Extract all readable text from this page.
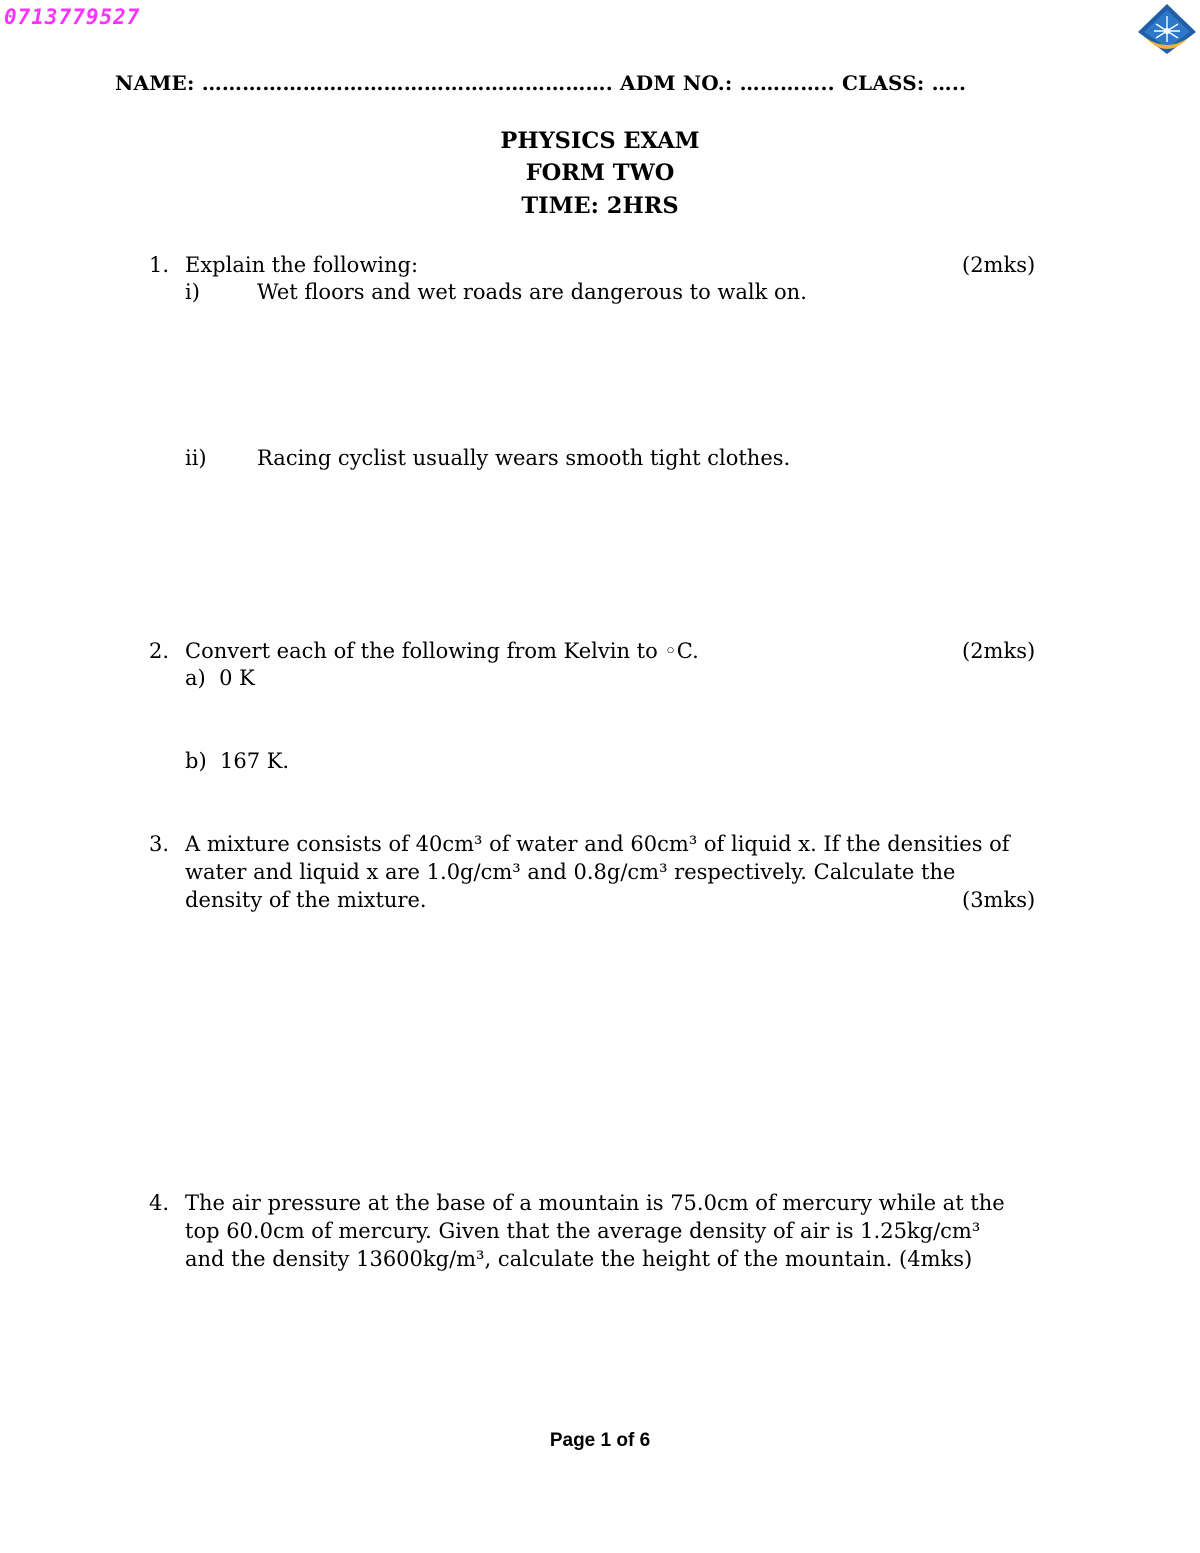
0713779527
NAME: ……………………………………………………. ADM NO.: ………….. CLASS: …..
PHYSICS EXAM
FORM TWO
TIME: 2HRS
1. Explain the following:	(2mks)
i)	Wet floors and wet roads are dangerous to walk on.
ii) Racing cyclist usually wears smooth tight clothes.
2. Convert each of the following from Kelvin to ◦C.	(2mks)
a)  0 K
b)  167 K.
3. A mixture consists of 40cm³ of water and 60cm³ of liquid x. If the densities of
water and liquid x are 1.0g/cm³ and 0.8g/cm³ respectively. Calculate the
density of the mixture.	(3mks)
4. The air pressure at the base of a mountain is 75.0cm of mercury while at the
top 60.0cm of mercury. Given that the average density of air is 1.25kg/cm³
and the density 13600kg/m³, calculate the height of the mountain. (4mks)
Page 1 of 6
